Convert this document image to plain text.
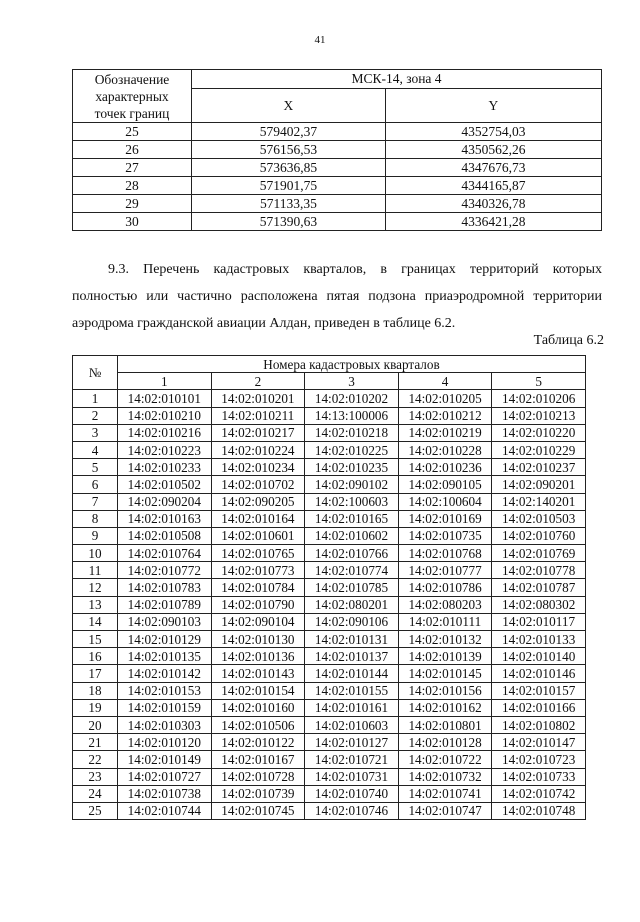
41
Обозначение
характерных
точек границ	МСК-14, зона 4	
	X	Y
25	579402,37	4352754,03
26	576156,53	4350562,26
27	573636,85	4347676,73
28	571901,75	4344165,87
29	571133,35	4340326,78
30	571390,63	4336421,28
9.3. Перечень кадастровых кварталов, в границах территорий которых
полностью или частично расположена пятая подзона приаэродромной территории
аэродрома гражданской авиации Алдан, приведен в таблице 6.2.
Таблица 6.2
№	Номера кадастровых кварталов				
	1	2	3	4	5
1	14:02:010101	14:02:010201	14:02:010202	14:02:010205	14:02:010206
2	14:02:010210	14:02:010211	14:13:100006	14:02:010212	14:02:010213
3	14:02:010216	14:02:010217	14:02:010218	14:02:010219	14:02:010220
4	14:02:010223	14:02:010224	14:02:010225	14:02:010228	14:02:010229
5	14:02:010233	14:02:010234	14:02:010235	14:02:010236	14:02:010237
6	14:02:010502	14:02:010702	14:02:090102	14:02:090105	14:02:090201
7	14:02:090204	14:02:090205	14:02:100603	14:02:100604	14:02:140201
8	14:02:010163	14:02:010164	14:02:010165	14:02:010169	14:02:010503
9	14:02:010508	14:02:010601	14:02:010602	14:02:010735	14:02:010760
10	14:02:010764	14:02:010765	14:02:010766	14:02:010768	14:02:010769
11	14:02:010772	14:02:010773	14:02:010774	14:02:010777	14:02:010778
12	14:02:010783	14:02:010784	14:02:010785	14:02:010786	14:02:010787
13	14:02:010789	14:02:010790	14:02:080201	14:02:080203	14:02:080302
14	14:02:090103	14:02:090104	14:02:090106	14:02:010111	14:02:010117
15	14:02:010129	14:02:010130	14:02:010131	14:02:010132	14:02:010133
16	14:02:010135	14:02:010136	14:02:010137	14:02:010139	14:02:010140
17	14:02:010142	14:02:010143	14:02:010144	14:02:010145	14:02:010146
18	14:02:010153	14:02:010154	14:02:010155	14:02:010156	14:02:010157
19	14:02:010159	14:02:010160	14:02:010161	14:02:010162	14:02:010166
20	14:02:010303	14:02:010506	14:02:010603	14:02:010801	14:02:010802
21	14:02:010120	14:02:010122	14:02:010127	14:02:010128	14:02:010147
22	14:02:010149	14:02:010167	14:02:010721	14:02:010722	14:02:010723
23	14:02:010727	14:02:010728	14:02:010731	14:02:010732	14:02:010733
24	14:02:010738	14:02:010739	14:02:010740	14:02:010741	14:02:010742
25	14:02:010744	14:02:010745	14:02:010746	14:02:010747	14:02:010748
